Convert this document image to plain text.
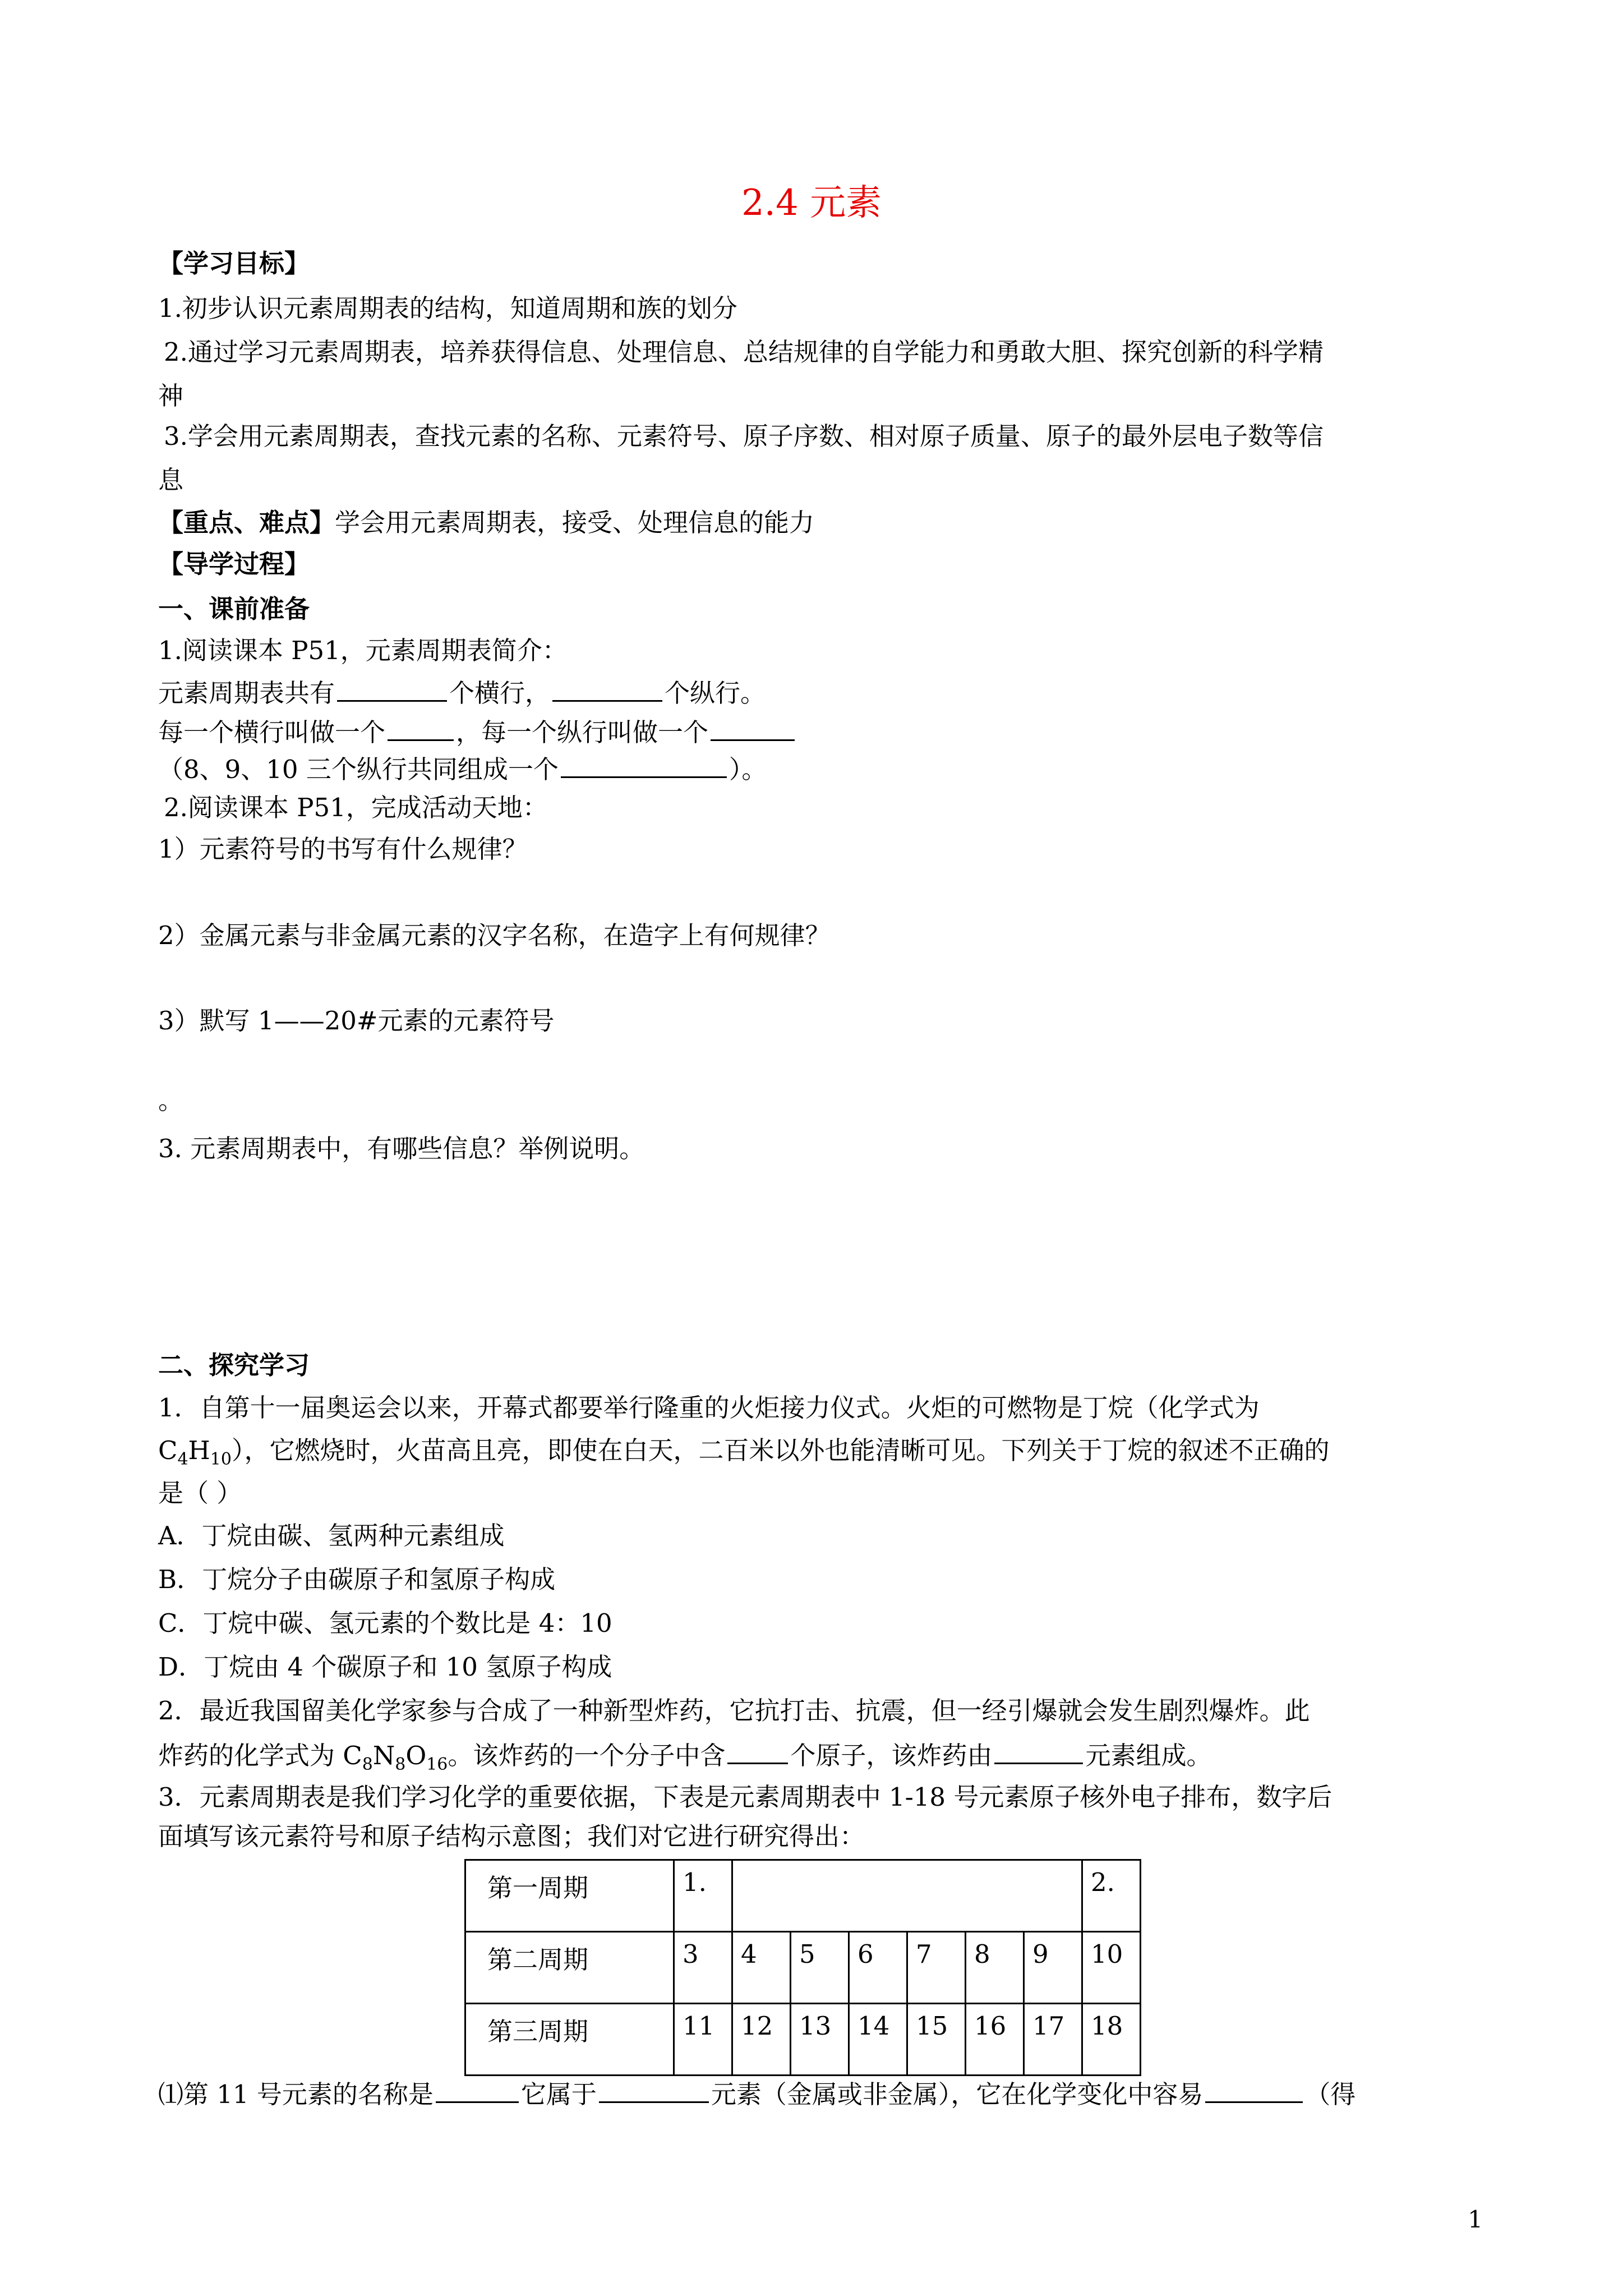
2.4 元素
【学习目标】
1.初步认识元素周期表的结构，知道周期和族的划分
2.通过学习元素周期表，培养获得信息、处理信息、总结规律的自学能力和勇敢大胆、探究创新的科学精
神
3.学会用元素周期表，查找元素的名称、元素符号、原子序数、相对原子质量、原子的最外层电子数等信
息
【重点、难点】学会用元素周期表，接受、处理信息的能力
【导学过程】
一、课前准备
1.阅读课本 P51，元素周期表简介：
元素周期表共有	个横行，	个纵行。
每一个横行叫做一个	，每一个纵行叫做一个
（8、9、10 三个纵行共同组成一个	）。
2.阅读课本 P51，完成活动天地：
1）元素符号的书写有什么规律？
2）金属元素与非金属元素的汉字名称，在造字上有何规律？
3）默写 1——20#元素的元素符号
。
3. 元素周期表中，有哪些信息？举例说明。
二、探究学习
1．自第十一届奥运会以来，开幕式都要举行隆重的火炬接力仪式。火炬的可燃物是丁烷（化学式为
$C_4H_{10}$），它燃烧时，火苗高且亮，即使在白天，二百米以外也能清晰可见。下列关于丁烷的叙述不正确的
是（ ）
A．丁烷由碳、氢两种元素组成
B．丁烷分子由碳原子和氢原子构成
C．丁烷中碳、氢元素的个数比是 4：10
D．丁烷由 4 个碳原子和 10 氢原子构成
2．最近我国留美化学家参与合成了一种新型炸药，它抗打击、抗震，但一经引爆就会发生剧烈爆炸。此
炸药的化学式为 $C_8N_8O_{16}$。该炸药的一个分子中含	个原子，该炸药由	元素组成。
3．元素周期表是我们学习化学的重要依据，下表是元素周期表中 1-18 号元素原子核外电子排布，数字后
面填写该元素符号和原子结构示意图；我们对它进行研究得出：
第一周期	1.							2.
第二周期	3	4	5	6	7	8	9	10
第三周期	11	12	13	14	15	16	17	18
⑴第 11 号元素的名称是	它属于	元素（金属或非金属），它在化学变化中容易	（得
1
